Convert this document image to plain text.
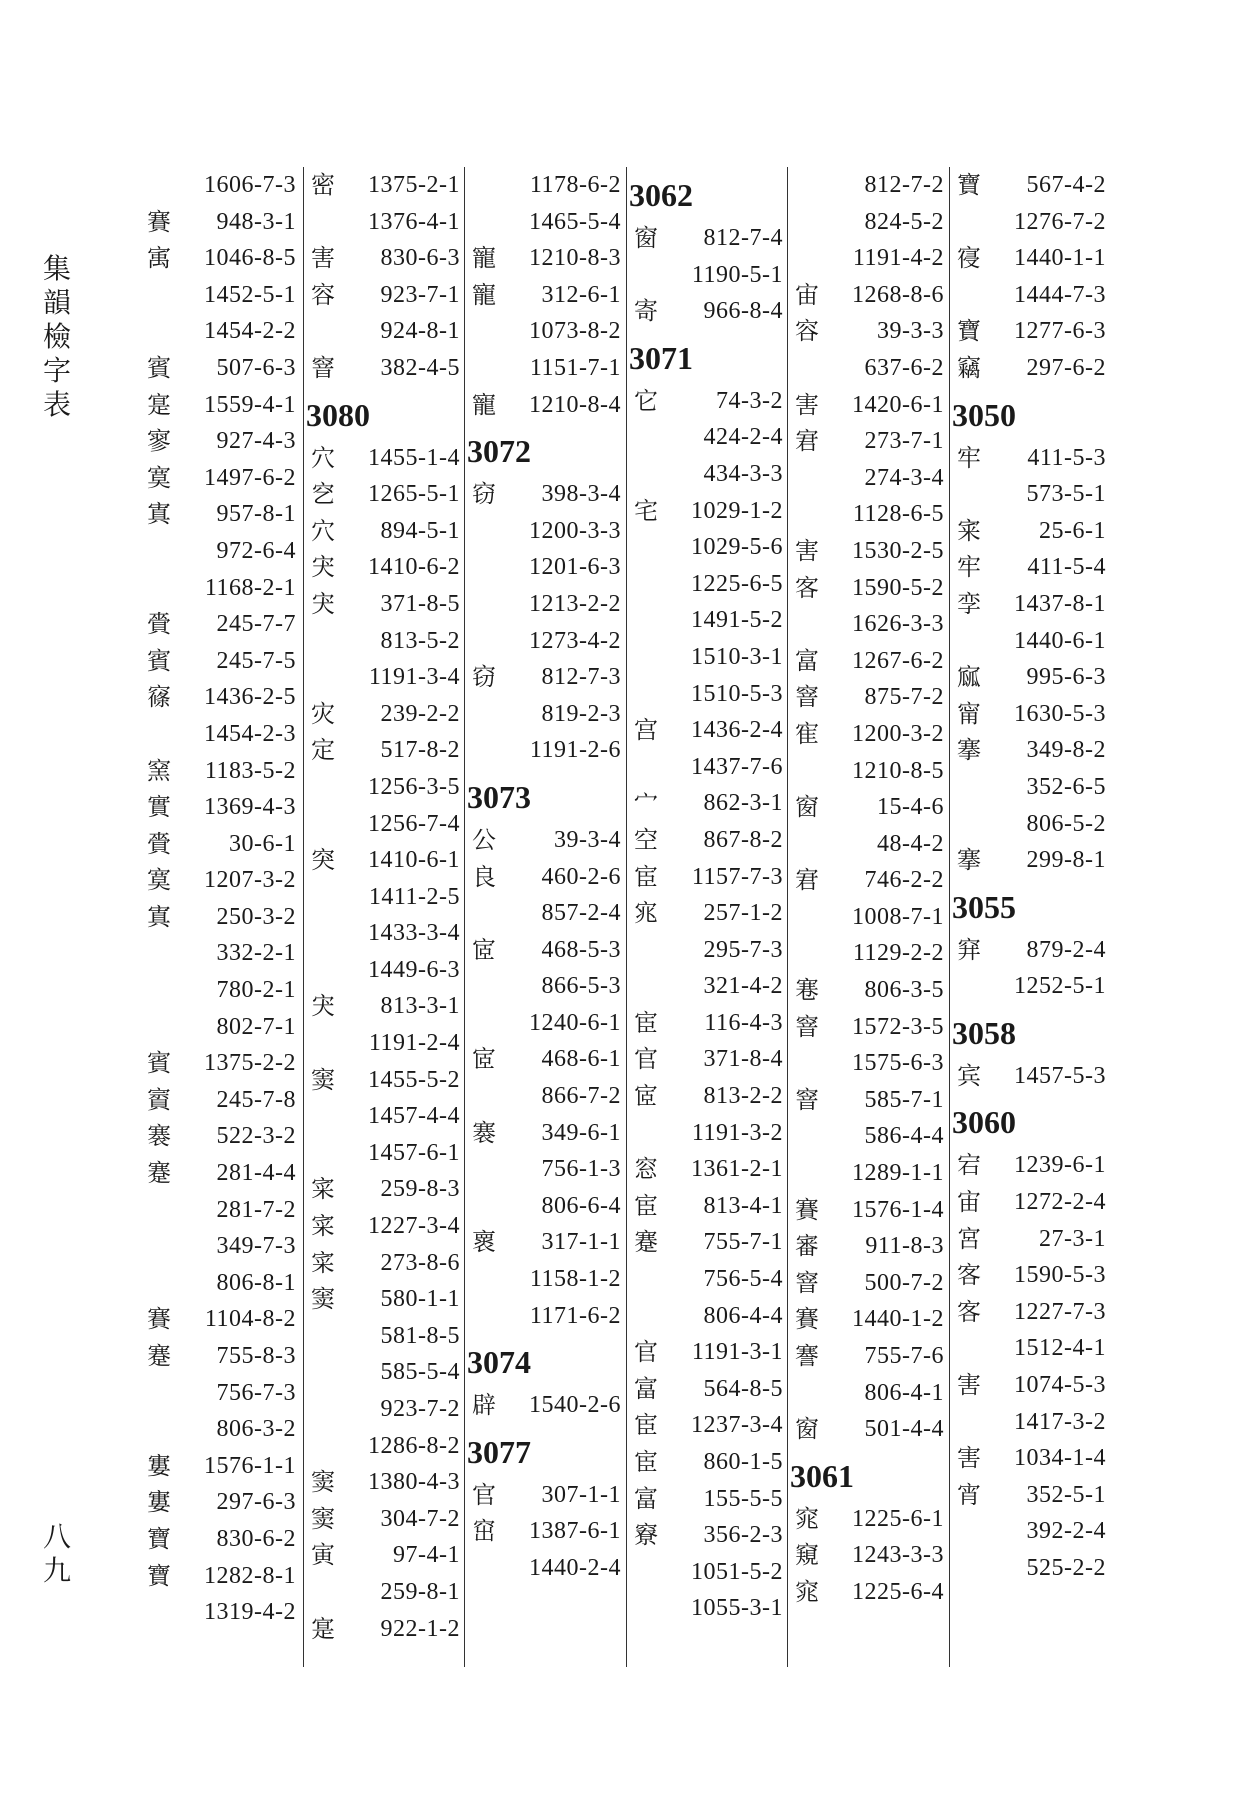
集韻檢字表
八九
1606-7-3
賽 948-3-1
㝢 1046-8-5
1452-5-1
1454-2-2
賓 507-6-3
寔 1559-4-1
寥 927-4-3
寞 1497-6-2
寘 957-8-1
972-6-4
1168-2-1
賫 245-7-7
賓 245-7-5
窱 1436-2-5
1454-2-3
窯 1183-5-2
實 1369-4-3
賫 30-6-1
寞 1207-3-2
寘 250-3-2
332-2-1
780-2-1
802-7-1
賓 1375-2-2
賨 245-7-8
褰 522-3-2
蹇 281-4-4
281-7-2
349-7-3
806-8-1
賽 1104-8-2
蹇 755-8-3
756-7-3
806-3-2
寠 1576-1-1
寠 297-6-3
寶 830-6-2
寶 1282-8-1
1319-4-2
密 1375-2-1
1376-4-1
害 830-6-3
容 923-7-1
924-8-1
窨 382-4-5
3080
穴 1455-1-4
穵 1265-5-1
穴 894-5-1
宊 1410-6-2
宊 371-8-5
813-5-2
1191-3-4
灾 239-2-2
定 517-8-2
1256-3-5
1256-7-4
突 1410-6-1
1411-2-5
1433-3-4
1449-6-3
宊 813-3-1
1191-2-4
窦 1455-5-2
1457-4-4
1457-6-1
寀 259-8-3
寀 1227-3-4
寀 273-8-6
窦 580-1-1
581-8-5
585-5-4
923-7-2
1286-8-2
窦 1380-4-3
窦 304-7-2
寅 97-4-1
259-8-1
寔 922-1-2
1178-6-2
1465-5-4
寵 1210-8-3
寵 312-6-1
1073-8-2
1151-7-1
寵 1210-8-4
3072
窃 398-3-4
1200-3-3
1201-6-3
1213-2-2
1273-4-2
窃 812-7-3
819-2-3
1191-2-6
3073
公 39-3-4
良 460-2-6
857-2-4
宧 468-5-3
866-5-3
1240-6-1
宧 468-6-1
866-7-2
褰 349-6-1
756-1-3
806-6-4
褱 317-1-1
1158-1-2
1171-6-2
3074
辟 1540-2-6
3077
官 307-1-1
窋 1387-6-1
1440-2-4
3062
窗 812-7-4
1190-5-1
寄 966-8-4
3071
它 74-3-2
424-2-4
434-3-3
宅 1029-1-2
1029-5-6
1225-6-5
1491-5-2
1510-3-1
1510-5-3
宫 1436-2-4
1437-7-6
宀 862-3-1
空 867-8-2
宦 1157-7-3
宨 257-1-2
295-7-3
321-4-2
宦 116-4-3
官 371-8-4
宧 813-2-2
1191-3-2
窓 1361-2-1
宦 813-4-1
蹇 755-7-1
756-5-4
806-4-4
官 1191-3-1
富 564-8-5
宦 1237-3-4
宦 860-1-5
富 155-5-5
竂 356-2-3
1051-5-2
1055-3-1
812-7-2
824-5-2
1191-4-2
宙 1268-8-6
容 39-3-3
637-6-2
害 1420-6-1
宭 273-7-1
274-3-4
1128-6-5
害 1530-2-5
客 1590-5-2
1626-3-3
富 1267-6-2
窨 875-7-2
寉 1200-3-2
1210-8-5
窗 15-4-6
48-4-2
宭 746-2-2
1008-7-1
1129-2-2
寋 806-3-5
窨 1572-3-5
1575-6-3
窨 585-7-1
586-4-4
1289-1-1
賽 1576-1-4
審 911-8-3
窨 500-7-2
賽 1440-1-2
謇 755-7-6
806-4-1
窗 501-4-4
3061
窕 1225-6-1
窺 1243-3-3
窕 1225-6-4
寶 567-4-2
1276-7-2
寑 1440-1-1
1444-7-3
寶 1277-6-3
竊 297-6-2
3050
牢 411-5-3
573-5-1
宷 25-6-1
牢 411-5-4
孪 1437-8-1
1440-6-1
寙 995-6-3
甯 1630-5-3
搴 349-8-2
352-6-5
806-5-2
搴 299-8-1
3055
穽 879-2-4
1252-5-1
3058
宾 1457-5-3
3060
宕 1239-6-1
宙 1272-2-4
宮 27-3-1
客 1590-5-3
客 1227-7-3
1512-4-1
害 1074-5-3
1417-3-2
害 1034-1-4
宵 352-5-1
392-2-4
525-2-2
